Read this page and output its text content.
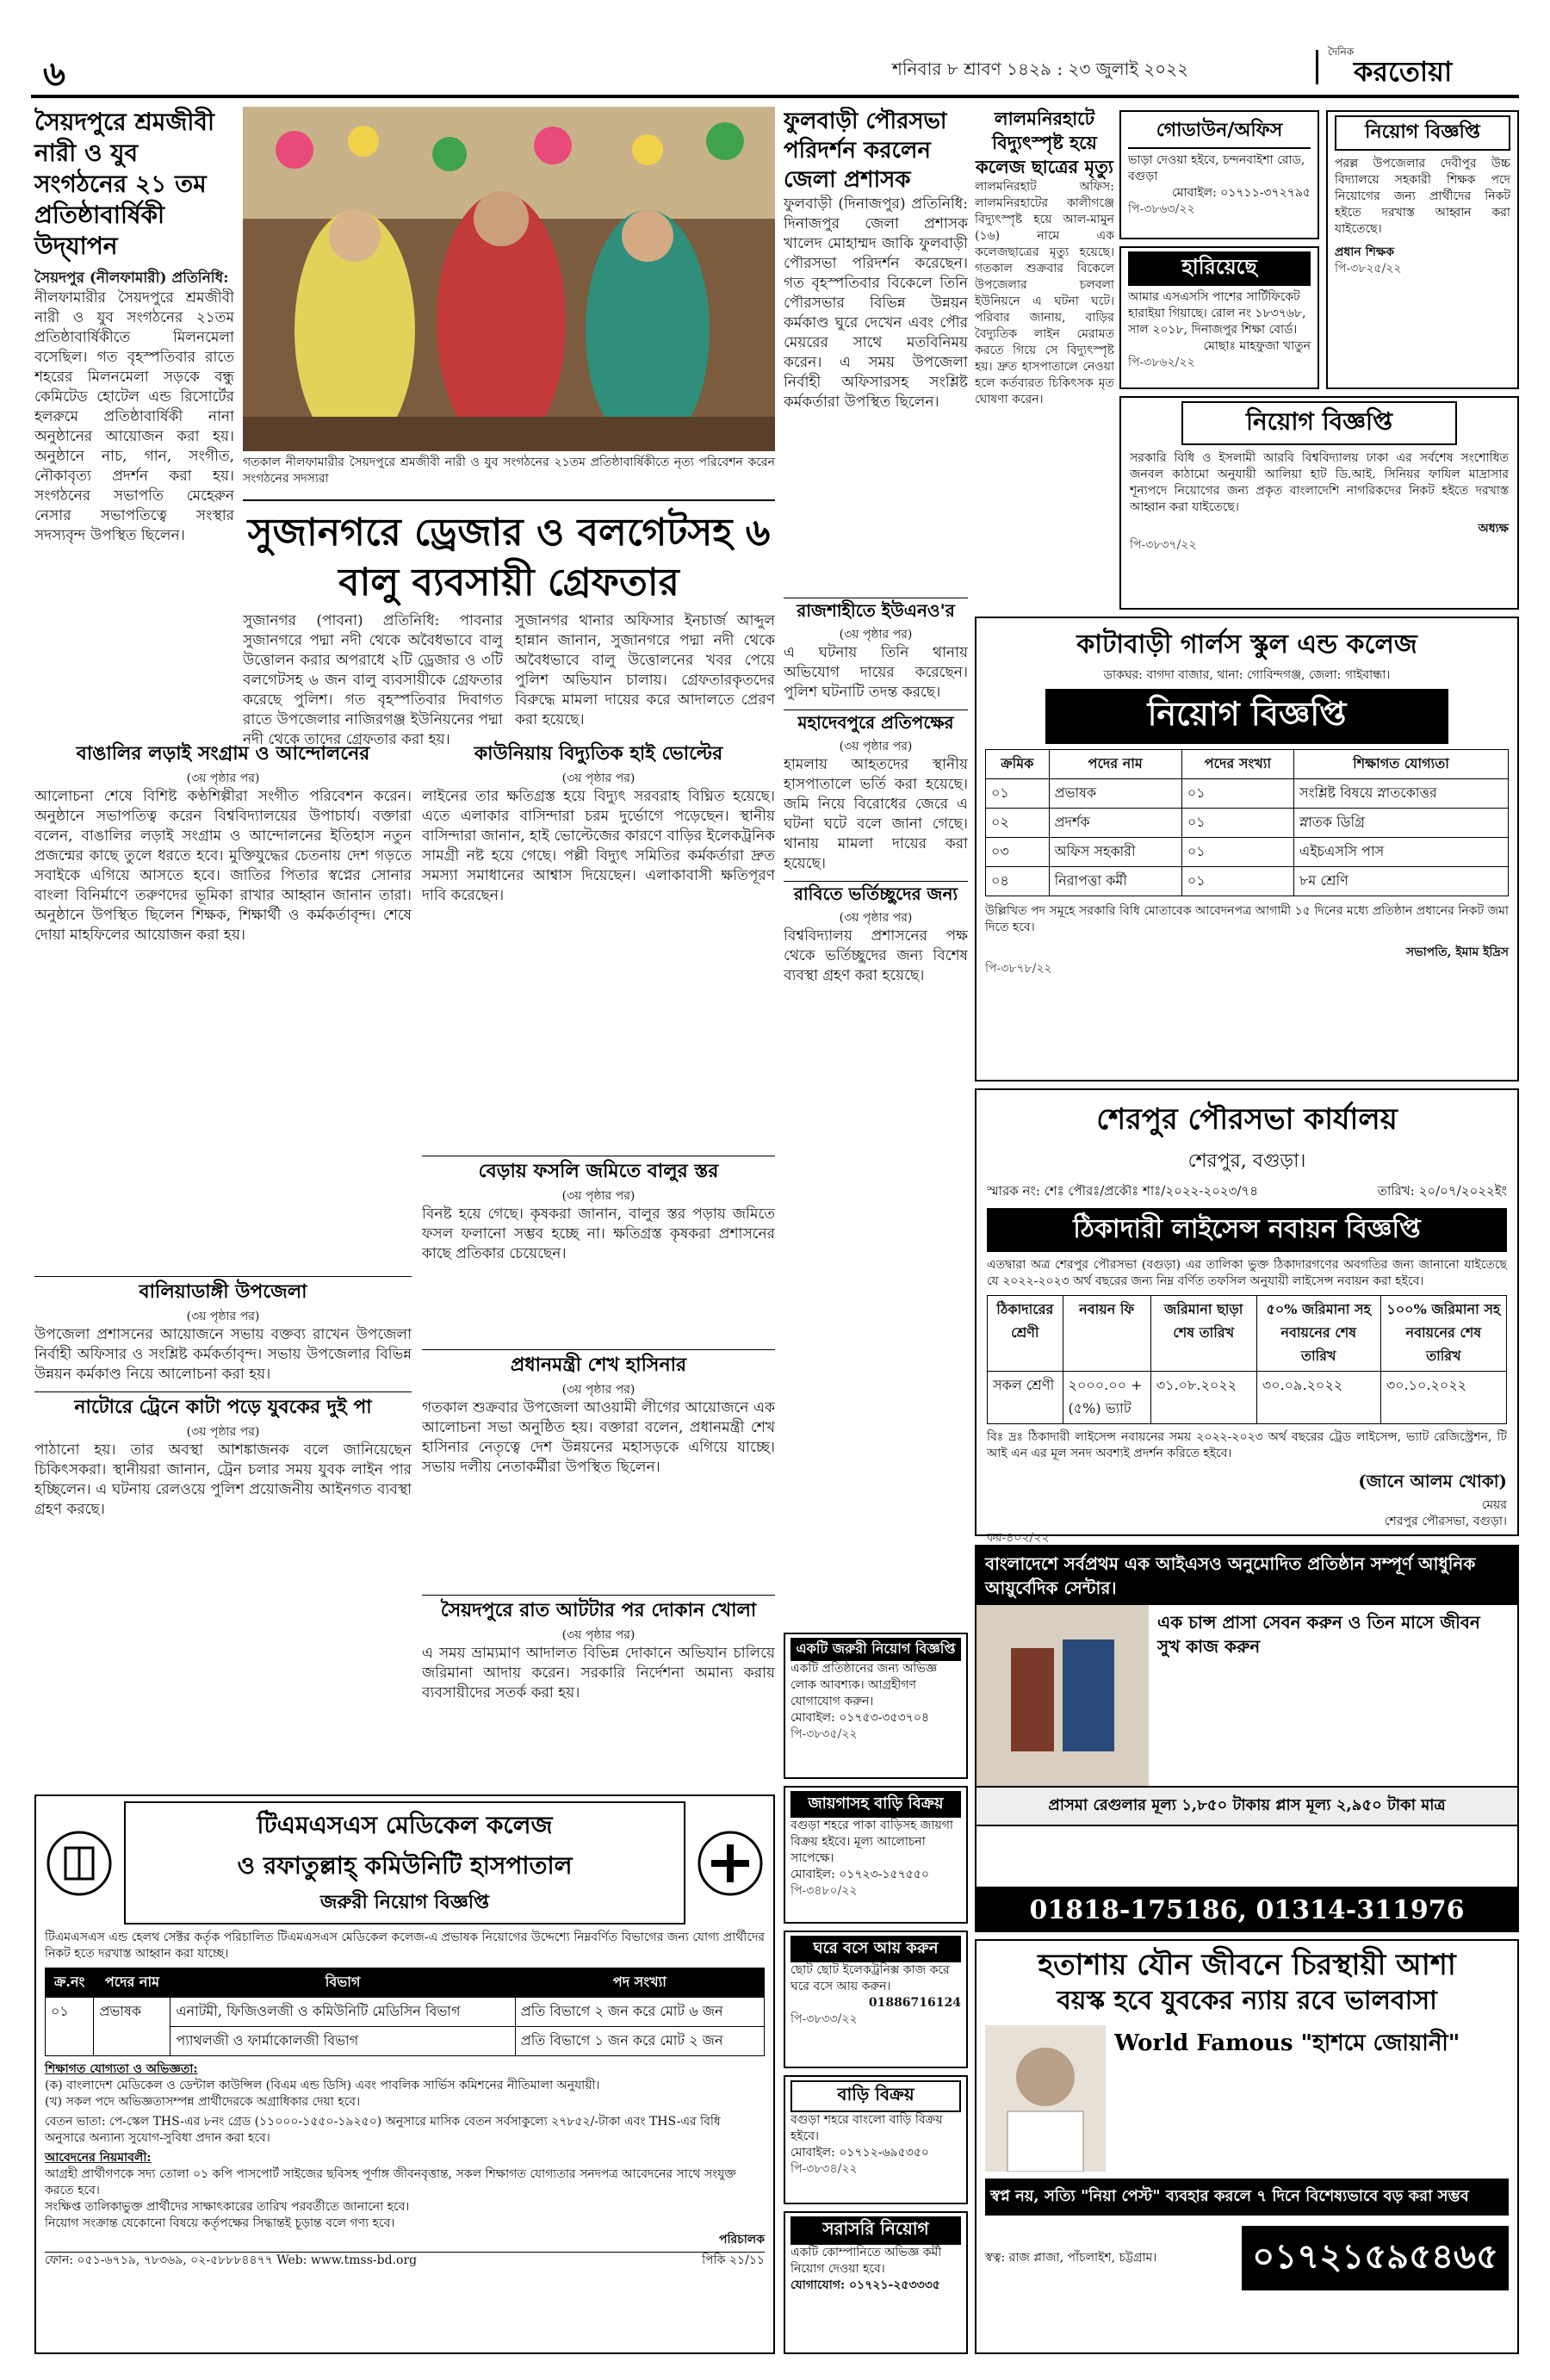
৬	শনিবার ৮ শ্রাবণ ১৪২৯ : ২৩ জুলাই ২০২২
দৈনিক
করতোয়া
সৈয়দপুরে শ্রমজীবী নারী ও যুব সংগঠনের ২১ তম প্রতিষ্ঠাবার্ষিকী উদ্‌যাপন
সৈয়দপুর (নীলফামারী) প্রতিনিধি:
নীলফামারীর সৈয়দপুরে শ্রমজীবী নারী ও যুব সংগঠনের ২১তম প্রতিষ্ঠাবার্ষিকীতে মিলনমেলা বসেছিল। গত বৃহস্পতিবার রাতে শহরের মিলনমেলা সড়কে বন্ধু কেমিটেড হোটেল এন্ড রিসোর্টের হলরুমে প্রতিষ্ঠাবার্ষিকী নানা অনুষ্ঠানের আয়োজন করা হয়। অনুষ্ঠানে নাচ, গান, সংগীত, নৌকাবৃত্য প্রদর্শন করা হয়। সংগঠনের সভাপতি মেহেরুন নেসার সভাপতিত্বে সংস্থার সদস্যবৃন্দ উপস্থিত ছিলেন।
গতকাল নীলফামারীর সৈয়দপুরে শ্রমজীবী নারী ও যুব সংগঠনের ২১তম প্রতিষ্ঠাবার্ষিকীতে নৃত্য পরিবেশন করেন সংগঠনের সদস্যরা
সুজানগরে ড্রেজার ও বলগেটসহ ৬ বালু ব্যবসায়ী গ্রেফতার
সুজানগর (পাবনা) প্রতিনিধি: পাবনার সুজানগরে পদ্মা নদী থেকে অবৈধভাবে বালু উত্তোলন করার অপরাধে ২টি ড্রেজার ও ৩টি বলগেটসহ ৬ জন বালু ব্যবসায়ীকে গ্রেফতার করেছে পুলিশ। গত বৃহস্পতিবার দিবাগত রাতে উপজেলার নাজিরগঞ্জ ইউনিয়নের পদ্মা নদী থেকে তাদের গ্রেফতার করা হয়।
সুজানগর থানার অফিসার ইনচার্জ আব্দুল হান্নান জানান, সুজানগরে পদ্মা নদী থেকে অবৈধভাবে বালু উত্তোলনের খবর পেয়ে পুলিশ অভিযান চালায়। গ্রেফতারকৃতদের বিরুদ্ধে মামলা দায়ের করে আদালতে প্রেরণ করা হয়েছে।
বাঙালির লড়াই সংগ্রাম ও আন্দোলনের
(৩য় পৃষ্ঠার পর)
আলোচনা শেষে বিশিষ্ট কণ্ঠশিল্পীরা সংগীত পরিবেশন করেন। অনুষ্ঠানে সভাপতিত্ব করেন বিশ্ববিদ্যালয়ের উপাচার্য। বক্তারা বলেন, বাঙালির লড়াই সংগ্রাম ও আন্দোলনের ইতিহাস নতুন প্রজন্মের কাছে তুলে ধরতে হবে। মুক্তিযুদ্ধের চেতনায় দেশ গড়তে সবাইকে এগিয়ে আসতে হবে। জাতির পিতার স্বপ্নের সোনার বাংলা বিনির্মাণে তরুণদের ভূমিকা রাখার আহ্বান জানান তারা। অনুষ্ঠানে উপস্থিত ছিলেন শিক্ষক, শিক্ষার্থী ও কর্মকর্তাবৃন্দ। শেষে দোয়া মাহফিলের আয়োজন করা হয়।
বালিয়াডাঙ্গী উপজেলা
(৩য় পৃষ্ঠার পর)
উপজেলা প্রশাসনের আয়োজনে সভায় বক্তব্য রাখেন উপজেলা নির্বাহী অফিসার ও সংশ্লিষ্ট কর্মকর্তাবৃন্দ। সভায় উপজেলার বিভিন্ন উন্নয়ন কর্মকাণ্ড নিয়ে আলোচনা করা হয়।
নাটোরে ট্রেনে কাটা পড়ে যুবকের দুই পা
(৩য় পৃষ্ঠার পর)
পাঠানো হয়। তার অবস্থা আশঙ্কাজনক বলে জানিয়েছেন চিকিৎসকরা। স্থানীয়রা জানান, ট্রেন চলার সময় যুবক লাইন পার হচ্ছিলেন। এ ঘটনায় রেলওয়ে পুলিশ প্রয়োজনীয় আইনগত ব্যবস্থা গ্রহণ করছে।
কাউনিয়ায় বিদ্যুতিক হাই ভোল্টের
(৩য় পৃষ্ঠার পর)
লাইনের তার ক্ষতিগ্রস্ত হয়ে বিদ্যুৎ সরবরাহ বিঘ্নিত হয়েছে। এতে এলাকার বাসিন্দারা চরম দুর্ভোগে পড়েছেন। স্থানীয় বাসিন্দারা জানান, হাই ভোল্টেজের কারণে বাড়ির ইলেকট্রনিক সামগ্রী নষ্ট হয়ে গেছে। পল্লী বিদ্যুৎ সমিতির কর্মকর্তারা দ্রুত সমস্যা সমাধানের আশ্বাস দিয়েছেন। এলাকাবাসী ক্ষতিপূরণ দাবি করেছেন।
বেড়ায় ফসলি জমিতে বালুর স্তর
(৩য় পৃষ্ঠার পর)
বিনষ্ট হয়ে গেছে। কৃষকরা জানান, বালুর স্তর পড়ায় জমিতে ফসল ফলানো সম্ভব হচ্ছে না। ক্ষতিগ্রস্ত কৃষকরা প্রশাসনের কাছে প্রতিকার চেয়েছেন।
প্রধানমন্ত্রী শেখ হাসিনার
(৩য় পৃষ্ঠার পর)
গতকাল শুক্রবার উপজেলা আওয়ামী লীগের আয়োজনে এক আলোচনা সভা অনুষ্ঠিত হয়। বক্তারা বলেন, প্রধানমন্ত্রী শেখ হাসিনার নেতৃত্বে দেশ উন্নয়নের মহাসড়কে এগিয়ে যাচ্ছে। সভায় দলীয় নেতাকর্মীরা উপস্থিত ছিলেন।
সৈয়দপুরে রাত আটটার পর দোকান খোলা
(৩য় পৃষ্ঠার পর)
এ সময় ভ্রাম্যমাণ আদালত বিভিন্ন দোকানে অভিযান চালিয়ে জরিমানা আদায় করেন। সরকারি নির্দেশনা অমান্য করায় ব্যবসায়ীদের সতর্ক করা হয়।
ফুলবাড়ী পৌরসভা পরিদর্শন করলেন জেলা প্রশাসক
ফুলবাড়ী (দিনাজপুর) প্রতিনিধি: দিনাজপুর জেলা প্রশাসক খালেদ মোহাম্মদ জাকি ফুলবাড়ী পৌরসভা পরিদর্শন করেছেন। গত বৃহস্পতিবার বিকেলে তিনি পৌরসভার বিভিন্ন উন্নয়ন কর্মকাণ্ড ঘুরে দেখেন এবং পৌর মেয়রের সাথে মতবিনিময় করেন। এ সময় উপজেলা নির্বাহী অফিসারসহ সংশ্লিষ্ট কর্মকর্তারা উপস্থিত ছিলেন।
রাজশাহীতে ইউএনও'র
(৩য় পৃষ্ঠার পর)
এ ঘটনায় তিনি থানায় অভিযোগ দায়ের করেছেন। পুলিশ ঘটনাটি তদন্ত করছে।
মহাদেবপুরে প্রতিপক্ষের
(৩য় পৃষ্ঠার পর)
হামলায় আহতদের স্থানীয় হাসপাতালে ভর্তি করা হয়েছে। জমি নিয়ে বিরোধের জেরে এ ঘটনা ঘটে বলে জানা গেছে। থানায় মামলা দায়ের করা হয়েছে।
রাবিতে ভর্তিচ্ছুদের জন্য
(৩য় পৃষ্ঠার পর)
বিশ্ববিদ্যালয় প্রশাসনের পক্ষ থেকে ভর্তিচ্ছুদের জন্য বিশেষ ব্যবস্থা গ্রহণ করা হয়েছে।
লালমনিরহাটে বিদ্যুৎস্পৃষ্ট হয়ে কলেজ ছাত্রের মৃত্যু
লালমনিরহাট অফিস: লালমনিরহাটের কালীগঞ্জে বিদ্যুৎস্পৃষ্ট হয়ে আল-মামুন (১৬) নামে এক কলেজছাত্রের মৃত্যু হয়েছে। গতকাল শুক্রবার বিকেলে উপজেলার চলবলা ইউনিয়নে এ ঘটনা ঘটে। পরিবার জানায়, বাড়ির বৈদ্যুতিক লাইন মেরামত করতে গিয়ে সে বিদ্যুৎস্পৃষ্ট হয়। দ্রুত হাসপাতালে নেওয়া হলে কর্তব্যরত চিকিৎসক মৃত ঘোষণা করেন।
গোডাউন/অফিস
ভাড়া দেওয়া হইবে, চন্দনবাইশা রোড, বগুড়া
মোবাইল: ০১৭১১-৩৭২৭৯৫
পি-৩৮৬৩/২২
হারিয়েছে
আমার এসএসসি পাশের সার্টিফিকেট হারাইয়া গিয়াছে। রোল নং ১৮৩৭৬৮, সাল ২০১৮, দিনাজপুর শিক্ষা বোর্ড।
মোছাঃ মাহফুজা খাতুন
পি-৩৮৬২/২২
নিয়োগ বিজ্ঞপ্তি
পরল্ল উপজেলার দেবীপুর উচ্চ বিদ্যালয়ে সহকারী শিক্ষক পদে নিয়োগের জন্য প্রার্থীদের নিকট হইতে দরখাস্ত আহ্বান করা যাইতেছে।
প্রধান শিক্ষক
পি-৩৮২৫/২২
নিয়োগ বিজ্ঞপ্তি
সরকারি বিধি ও ইসলামী আরবি বিশ্ববিদ্যালয় ঢাকা এর সর্বশেষ সংশোধিত জনবল কাঠামো অনুযায়ী আলিয়া হাট ডি.আই. সিনিয়র ফাযিল মাদ্রাসার শূন্যপদে নিয়োগের জন্য প্রকৃত বাংলাদেশি নাগরিকদের নিকট হইতে দরখাস্ত আহ্বান করা যাইতেছে।
অধ্যক্ষ
পি-৩৮৩৭/২২
কাটাবাড়ী গার্লস স্কুল এন্ড কলেজ
ডাকঘর: বাগদা বাজার, থানা: গোবিন্দগঞ্জ, জেলা: গাইবান্ধা।
নিয়োগ বিজ্ঞপ্তি
ক্রমিক	পদের নাম	পদের সংখ্যা	শিক্ষাগত যোগ্যতা
০১	প্রভাষক	০১	সংশ্লিষ্ট বিষয়ে স্নাতকোত্তর
০২	প্রদর্শক	০১	স্নাতক ডিগ্রি
০৩	অফিস সহকারী	০১	এইচএসসি পাস
০৪	নিরাপত্তা কর্মী	০১	৮ম শ্রেণি
উল্লিখিত পদ সমূহে সরকারি বিধি মোতাবেক আবেদনপত্র আগামী ১৫ দিনের মধ্যে প্রতিষ্ঠান প্রধানের নিকট জমা দিতে হবে।
সভাপতি, ইমাম ইদ্রিস
পি-৩৮৭৮/২২
শেরপুর পৌরসভা কার্যালয়
শেরপুর, বগুড়া।
স্মারক নং: শেঃ পৌরঃ/প্রকৌঃ শাঃ/২০২২-২০২৩/৭৪	তারিখ: ২০/০৭/২০২২ইং
ঠিকাদারী লাইসেন্স নবায়ন বিজ্ঞপ্তি
এতদ্বারা অত্র শেরপুর পৌরসভা (বগুড়া) এর তালিকা ভুক্ত ঠিকাদারগণের অবগতির জন্য জানানো যাইতেছে যে ২০২২-২০২৩ অর্থ বছরের জন্য নিম্ন বর্ণিত তফসিল অনুযায়ী লাইসেন্স নবায়ন করা হইবে।
ঠিকাদারের শ্রেণী	নবায়ন ফি	জরিমানা ছাড়া শেষ তারিখ	৫০% জরিমানা সহ নবায়নের শেষ তারিখ	১০০% জরিমানা সহ নবায়নের শেষ তারিখ
সকল শ্রেণী	২০০০.০০ + (৫%) ভ্যাট	৩১.০৮.২০২২	৩০.০৯.২০২২	৩০.১০.২০২২
বিঃ দ্রঃ ঠিকাদারী লাইসেন্স নবায়নের সময় ২০২২-২০২৩ অর্থ বছরের ট্রেড লাইসেন্স, ভ্যাট রেজিস্ট্রেশন, টি আই এন এর মূল সনদ অবশ্যই প্রদর্শন করিতে হইবে।
(জানে আলম খোকা)
মেয়র
শেরপুর পৌরসভা, বগুড়া।
কর-৪০২/২২
টিএমএসএস মেডিকেল কলেজ
ও রফাতুল্লাহ্ কমিউনিটি হাসপাতাল
জরুরী নিয়োগ বিজ্ঞপ্তি
টিএমএসএস এন্ড হেলথ সেক্টর কর্তৃক পরিচালিত টিএমএসএস মেডিকেল কলেজ-এ প্রভাষক নিয়োগের উদ্দেশ্যে নিম্নবর্ণিত বিভাগের জন্য যোগ্য প্রার্থীদের নিকট হতে দরখাস্ত আহ্বান করা যাচ্ছে।
ক্র.নং	পদের নাম	বিভাগ	পদ সংখ্যা
০১	প্রভাষক	এনাটমী, ফিজিওলজী ও কমিউনিটি মেডিসিন বিভাগ	প্রতি বিভাগে ২ জন করে মোট ৬ জন
		প্যাথলজী ও ফার্মাকোলজী বিভাগ	প্রতি বিভাগে ১ জন করে মোট ২ জন
শিক্ষাগত যোগ্যতা ও অভিজ্ঞতা:
(ক) বাংলাদেশ মেডিকেল ও ডেন্টাল কাউন্সিল (বিএম এন্ড ডিসি) এবং পাবলিক সার্ভিস কমিশনের নীতিমালা অনুযায়ী।
(খ) সকল পদে অভিজ্ঞতাসম্পন্ন প্রার্থীদেরকে অগ্রাধিকার দেয়া হবে।
বেতন ভাতা: পে-স্কেল THS-এর ৮নং গ্রেড (১১০০০-১৫৫০-১৯২৫০) অনুসারে মাসিক বেতন সর্বসাকুল্যে ২৭৮৫২/-টাকা এবং THS-এর বিধি অনুসারে অন্যান্য সুযোগ-সুবিধা প্রদান করা হবে।
আবেদনের নিয়মাবলী:
আগ্রহী প্রার্থীগণকে সদ্য তোলা ০১ কপি পাসপোর্ট সাইজের ছবিসহ পূর্ণাঙ্গ জীবনবৃত্তান্ত, সকল শিক্ষাগত যোগ্যতার সনদপত্র আবেদনের সাথে সংযুক্ত করতে হবে।
সংক্ষিপ্ত তালিকাভুক্ত প্রার্থীদের সাক্ষাৎকারের তারিখ পরবর্তীতে জানানো হবে।
নিয়োগ সংক্রান্ত যেকোনো বিষয়ে কর্তৃপক্ষের সিদ্ধান্তই চূড়ান্ত বলে গণ্য হবে।
পরিচালক
ফোন: ০৫১-৬৭১৯, ৭৮৩৬৯, ০২-৫৮৮৮৪৪৭৭ Web: www.tmss-bd.org	পিকি ২১/১১
একটি জরুরী নিয়োগ বিজ্ঞপ্তি
একটি প্রতিষ্ঠানের জন্য অভিজ্ঞ লোক আবশ্যক। আগ্রহীগণ যোগাযোগ করুন।
মোবাইল: ০১৭৫৩-৩৫৩৭০৪
পি-৩৮৩৫/২২
জায়গাসহ বাড়ি বিক্রয়
বগুড়া শহরে পাকা বাড়িসহ জায়গা বিক্রয় হইবে। মূল্য আলোচনা সাপেক্ষে।
মোবাইল: ০১৭২৩-১৫৭৫৫০
পি-৩৪৮০/২২
ঘরে বসে আয় করুন
ছোট ছোট ইলেকট্রনিক্স কাজ করে ঘরে বসে আয় করুন।
01886716124
পি-৩৮৩৩/২২
বাড়ি বিক্রয়
বগুড়া শহরে বাংলো বাড়ি বিক্রয় হইবে।
মোবাইল: ০১৭১২-৬৯৫৩৫০
পি-৩৮৩৪/২২
সরাসরি নিয়োগ
একটি কোম্পানিতে অভিজ্ঞ কর্মী নিয়োগ দেওয়া হবে।
যোগাযোগ: ০১৭২১-২৫৩৩৩৫
বাংলাদেশে সর্বপ্রথম এক আইএসও অনুমোদিত প্রতিষ্ঠান সম্পূর্ণ আধুনিক আয়ুর্বেদিক সেন্টার।
এক চান্স প্রাসা সেবন করুন ও তিন মাসে জীবন সুখ কাজ করুন
প্রাসমা রেগুলার মূল্য ১,৮৫০ টাকায় প্লাস মূল্য ২,৯৫০ টাকা মাত্র
01818-175186, 01314-311976
হতাশায় যৌন জীবনে চিরস্থায়ী আশা
বয়স্ক হবে যুবকের ন্যায় রবে ভালবাসা
World Famous "হাশমে জোয়ানী"
স্বপ্ন নয়, সত্যি "নিয়া পেস্ট" ব্যবহার করলে ৭ দিনে বিশেষ্যভাবে বড় করা সম্ভব
স্বত্ব: রাজ প্লাজা, পাঁচলাইশ, চট্টগ্রাম।	০১৭২১৫৯৫৪৬৫
